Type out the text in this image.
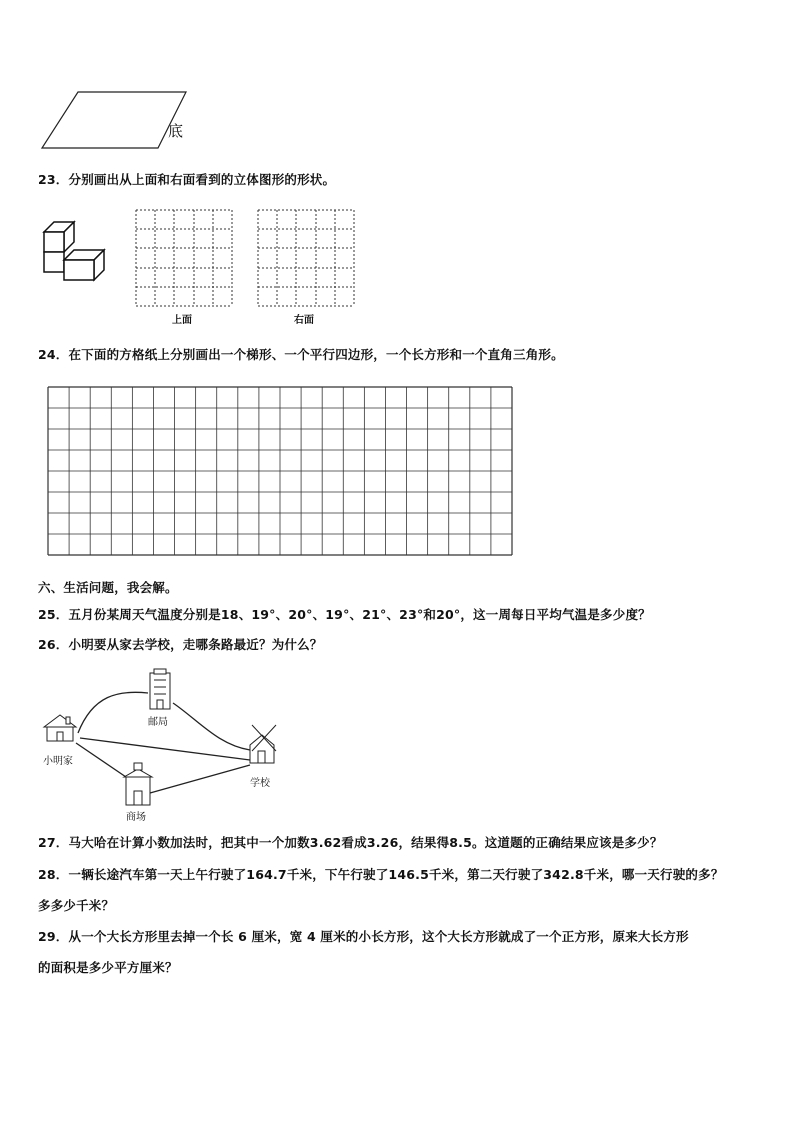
底
23．分别画出从上面和右面看到的立体图形的形状。
上面	右面
24．在下面的方格纸上分别画出一个梯形、一个平行四边形，一个长方形和一个直角三角形。
六、生活问题，我会解。
25．五月份某周天气温度分别是18、19°、20°、19°、21°、23°和20°，这一周每日平均气温是多少度？
26．小明要从家去学校，走哪条路最近？为什么？
邮局
小明家
学校
商场
27．马大哈在计算小数加法时，把其中一个加数3.62看成3.26，结果得8.5。这道题的正确结果应该是多少？
28．一辆长途汽车第一天上午行驶了164.7千米，下午行驶了146.5千米，第二天行驶了342.8千米，哪一天行驶的多？
多多少千米？
29．从一个大长方形里去掉一个长 6 厘米，宽 4 厘米的小长方形，这个大长方形就成了一个正方形，原来大长方形
的面积是多少平方厘米？
